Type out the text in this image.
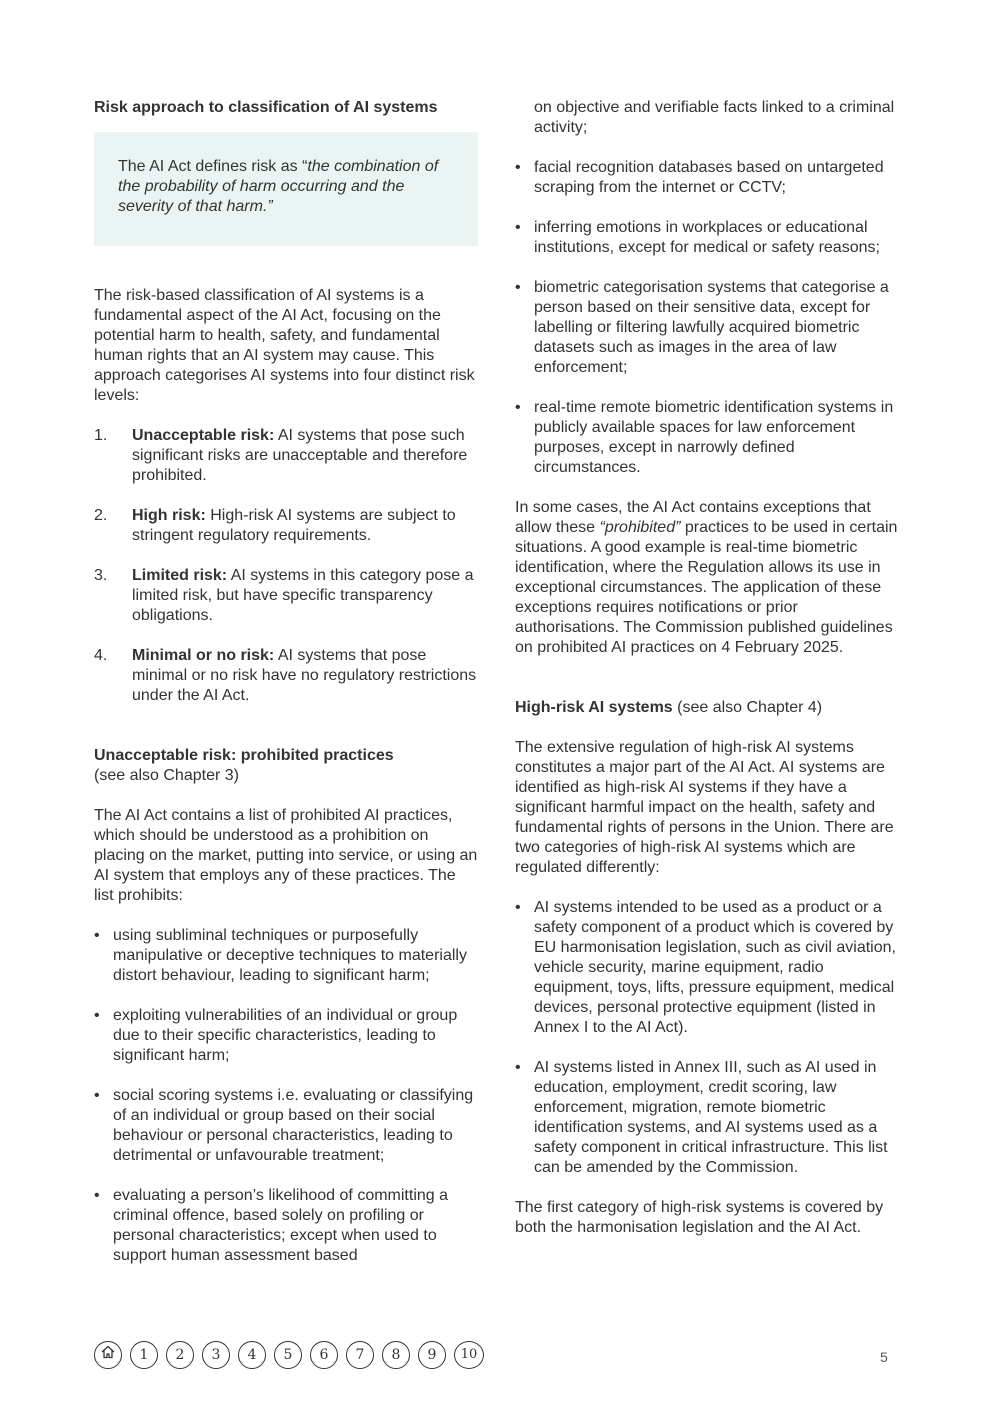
Risk approach to classification of AI systems

The AI Act defines risk as “the combination of the probability of harm occurring and the severity of that harm.”

The risk-based classification of AI systems is a fundamental aspect of the AI Act, focusing on the potential harm to health, safety, and fundamental human rights that an AI system may cause. This approach categorises AI systems into four distinct risk levels:

1. Unacceptable risk: AI systems that pose such significant risks are unacceptable and therefore prohibited.
2. High risk: High-risk AI systems are subject to stringent regulatory requirements.
3. Limited risk: AI systems in this category pose a limited risk, but have specific transparency obligations.
4. Minimal or no risk: AI systems that pose minimal or no risk have no regulatory restrictions under the AI Act.

Unacceptable risk: prohibited practices

(see also Chapter 3)

The AI Act contains a list of prohibited AI practices, which should be understood as a prohibition on placing on the market, putting into service, or using an AI system that employs any of these practices. The list prohibits:

• using subliminal techniques or purposefully manipulative or deceptive techniques to materially distort behaviour, leading to significant harm;
• exploiting vulnerabilities of an individual or group due to their specific characteristics, leading to significant harm;
• social scoring systems i.e. evaluating or classifying of an individual or group based on their social behaviour or personal characteristics, leading to detrimental or unfavourable treatment;
• evaluating a person’s likelihood of committing a criminal offence, based solely on profiling or personal characteristics; except when used to support human assessment based

on objective and verifiable facts linked to a criminal activity;

• facial recognition databases based on untargeted scraping from the internet or CCTV;
• inferring emotions in workplaces or educational institutions, except for medical or safety reasons;
• biometric categorisation systems that categorise a person based on their sensitive data, except for labelling or filtering lawfully acquired biometric datasets such as images in the area of law enforcement;
• real-time remote biometric identification systems in publicly available spaces for law enforcement purposes, except in narrowly defined circumstances.

In some cases, the AI Act contains exceptions that allow these “prohibited” practices to be used in certain situations. A good example is real-time biometric identification, where the Regulation allows its use in exceptional circumstances. The application of these exceptions requires notifications or prior authorisations. The Commission published guidelines on prohibited AI practices on 4 February 2025.

High-risk AI systems (see also Chapter 4)

The extensive regulation of high-risk AI systems constitutes a major part of the AI Act. AI systems are identified as high-risk AI systems if they have a significant harmful impact on the health, safety and fundamental rights of persons in the Union. There are two categories of high-risk AI systems which are regulated differently:

• AI systems intended to be used as a product or a safety component of a product which is covered by EU harmonisation legislation, such as civil aviation, vehicle security, marine equipment, radio equipment, toys, lifts, pressure equipment, medical devices, personal protective equipment (listed in Annex I to the AI Act).
• AI systems listed in Annex III, such as AI used in education, employment, credit scoring, law enforcement, migration, remote biometric identification systems, and AI systems used as a safety component in critical infrastructure. This list can be amended by the Commission.

The first category of high-risk systems is covered by both the harmonisation legislation and the AI Act.

1	2	3	4	5	6	7	8	9	10	5
